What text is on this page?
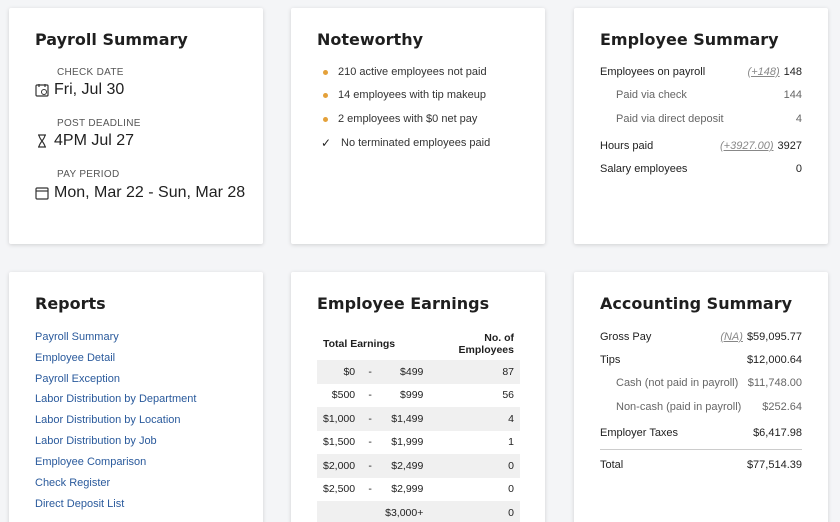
Payroll Summary
CHECK DATE
Fri, Jul 30
POST DEADLINE
4PM Jul 27
PAY PERIOD
Mon, Mar 22 - Sun, Mar 28
Noteworthy
210 active employees not paid
14 employees with tip makeup
2 employees with $0 net pay
✓ No terminated employees paid
Employee Summary
Employees on payroll	(+148) 148
Paid via check	144
Paid via direct deposit	4
Hours paid	(+3927.00) 3927
Salary employees	0
Reports
Payroll Summary
Employee Detail
Payroll Exception
Labor Distribution by Department
Labor Distribution by Location
Labor Distribution by Job
Employee Comparison
Check Register
Direct Deposit List
Employee Earnings
Total Earnings			No. of Employees
$0	-	$499	87
$500	-	$999	56
$1,000	-	$1,499	4
$1,500	-	$1,999	1
$2,000	-	$2,499	0
$2,500	-	$2,999	0
		$3,000+	0
Accounting Summary
Gross Pay	(NA) $59,095.77
Tips	$12,000.64
Cash (not paid in payroll) $11,748.00
Non-cash (paid in payroll) $252.64
Employer Taxes	$6,417.98
Total	$77,514.39
